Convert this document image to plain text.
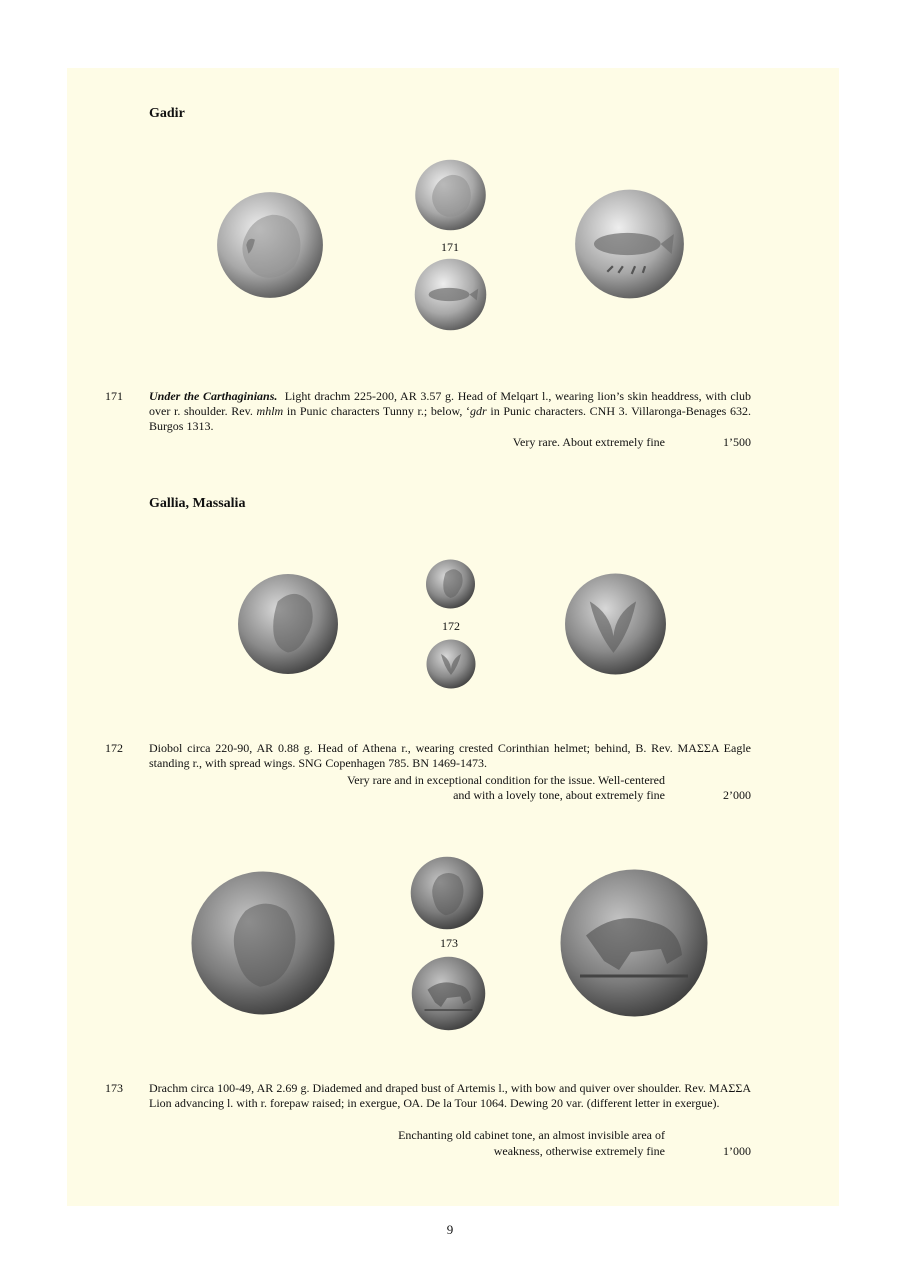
Gadir
171
171 Under the Carthaginians. Light drachm 225-200, AR 3.57 g. Head of Melqart l., wearing lion’s skin headdress, with club over r. shoulder. Rev. mhlm in Punic characters Tunny r.; below, ‘gdr in Punic characters. CNH 3. Villaronga-Benages 632. Burgos 1313.

Very rare. About extremely fine	1’500
Gallia, Massalia
172
172 Diobol circa 220-90, AR 0.88 g. Head of Athena r., wearing crested Corinthian helmet; behind, B. Rev. ΜΑΣΣΑ Eagle standing r., with spread wings. SNG Copenhagen 785. BN 1469-1473.

Very rare and in exceptional condition for the issue. Well-centered
and with a lovely tone, about extremely fine	2’000
173
173 Drachm circa 100-49, AR 2.69 g. Diademed and draped bust of Artemis l., with bow and quiver over shoulder. Rev. ΜΑΣΣΑ Lion advancing l. with r. forepaw raised; in exergue, ΟΑ. De la Tour 1064. Dewing 20 var. (different letter in exergue).

Enchanting old cabinet tone, an almost invisible area of
weakness, otherwise extremely fine	1’000
9
